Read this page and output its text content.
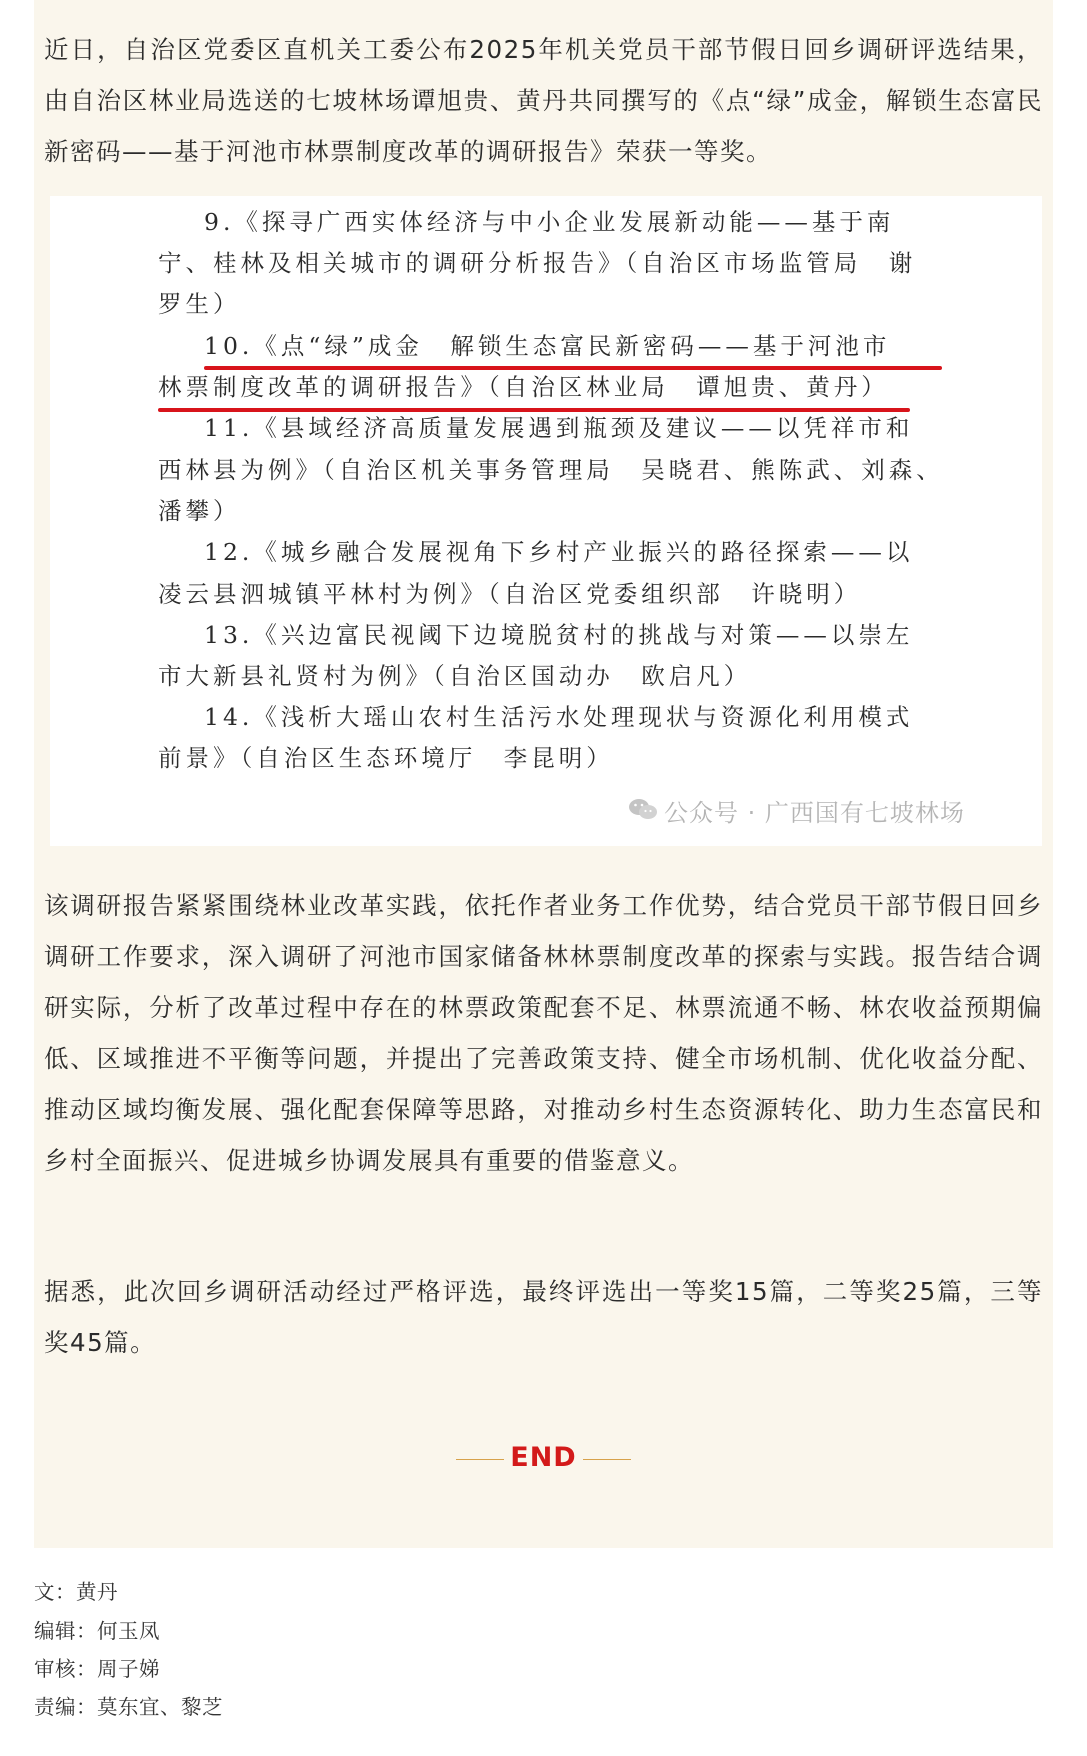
近日，自治区党委区直机关工委公布2025年机关党员干部节假日回乡调研评选结果，由自治区林业局选送的七坡林场谭旭贵、黄丹共同撰写的《点“绿”成金，解锁生态富民新密码——基于河池市林票制度改革的调研报告》荣获一等奖。

9.《探寻广西实体经济与中小企业发展新动能——基于南
宁、桂林及相关城市的调研分析报告》（自治区市场监管局　谢
罗生）
10.《点“绿”成金　解锁生态富民新密码——基于河池市
林票制度改革的调研报告》（自治区林业局　谭旭贵、黄丹）
11.《县域经济高质量发展遇到瓶颈及建议——以凭祥市和
西林县为例》（自治区机关事务管理局　吴晓君、熊陈武、刘森、
潘攀）
12.《城乡融合发展视角下乡村产业振兴的路径探索——以
凌云县泗城镇平林村为例》（自治区党委组织部　许晓明）
13.《兴边富民视阈下边境脱贫村的挑战与对策——以崇左
市大新县礼贤村为例》（自治区国动办　欧启凡）
14.《浅析大瑶山农村生活污水处理现状与资源化利用模式
前景》（自治区生态环境厅　李昆明）
公众号 · 广西国有七坡林场

该调研报告紧紧围绕林业改革实践，依托作者业务工作优势，结合党员干部节假日回乡调研工作要求，深入调研了河池市国家储备林林票制度改革的探索与实践。报告结合调研实际，分析了改革过程中存在的林票政策配套不足、林票流通不畅、林农收益预期偏低、区域推进不平衡等问题，并提出了完善政策支持、健全市场机制、优化收益分配、推动区域均衡发展、强化配套保障等思路，对推动乡村生态资源转化、助力生态富民和乡村全面振兴、促进城乡协调发展具有重要的借鉴意义。

据悉，此次回乡调研活动经过严格评选，最终评选出一等奖15篇，二等奖25篇，三等奖45篇。

END
文：黄丹
编辑：何玉凤
审核：周子娣
责编：莫东宜、黎芝
